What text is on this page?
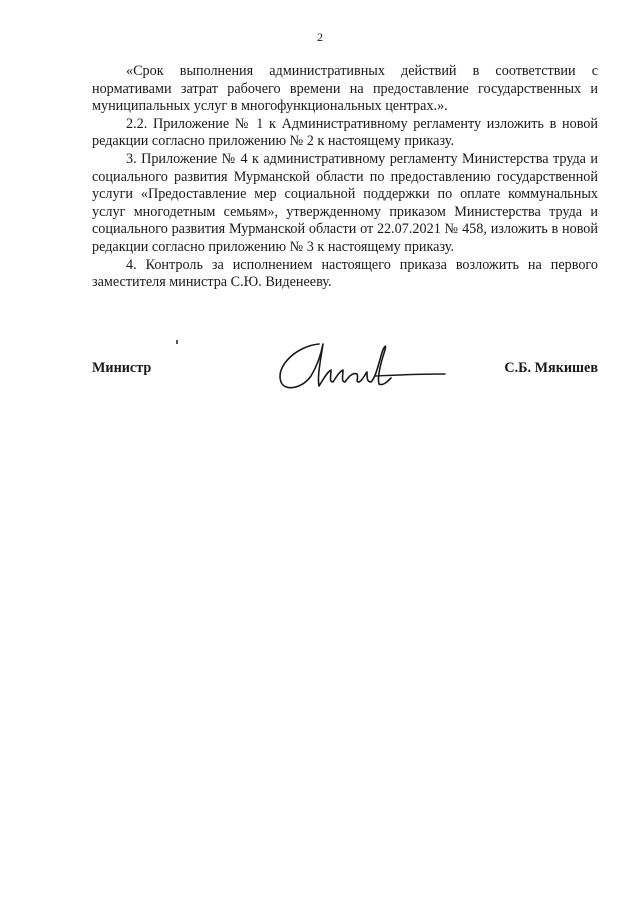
2

«Срок выполнения административных действий в соответствии с нормативами затрат рабочего времени на предоставление государственных и муниципальных услуг в многофункциональных центрах.».

2.2. Приложение № 1 к Административному регламенту изложить в новой редакции согласно приложению № 2 к настоящему приказу.

3. Приложение № 4 к административному регламенту Министерства труда и социального развития Мурманской области по предоставлению государственной услуги «Предоставление мер социальной поддержки по оплате коммунальных услуг многодетным семьям», утвержденному приказом Министерства труда и социального развития Мурманской области от 22.07.2021 № 458, изложить в новой редакции согласно приложению № 3 к настоящему приказу.

4. Контроль за исполнением настоящего приказа возложить на первого заместителя министра С.Ю. Виденееву.

Министр	С.Б. Мякишев
